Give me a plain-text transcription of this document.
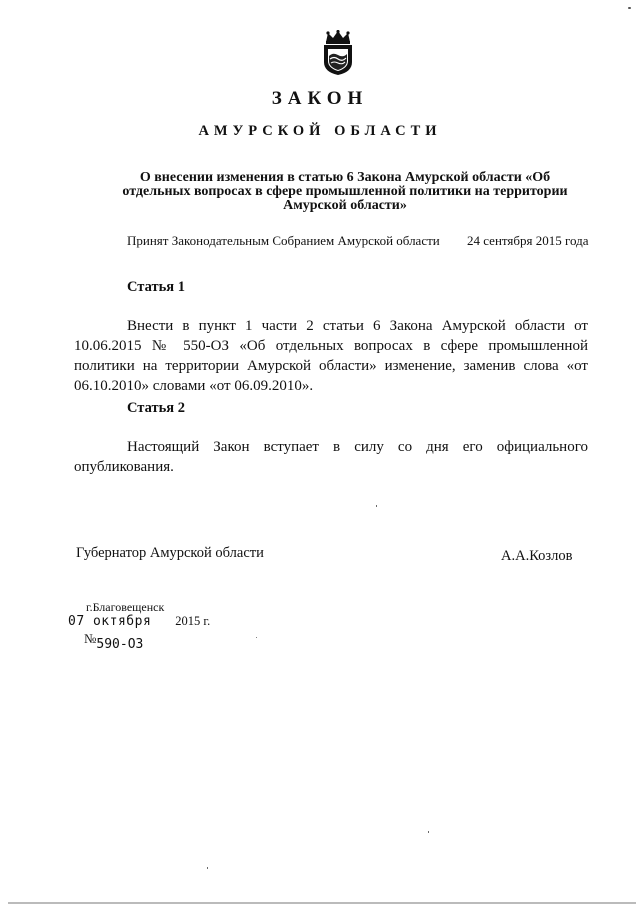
ЗАКОН
АМУРСКОЙ ОБЛАСТИ
О внесении изменения в статью 6 Закона Амурской области «Об
отдельных вопросах в сфере промышленной политики на территории
Амурской области»
Принят Законодательным Собранием Амурской области 24 сентября 2015 года
Статья 1
Внести в пункт 1 части 2 статьи 6 Закона Амурской области от 10.06.2015 № 550-ОЗ «Об отдельных вопросах в сфере промышленной политики на территории Амурской области» изменение, заменив слова «от 06.10.2010» словами «от 06.09.2010».
Статья 2
Настоящий Закон вступает в силу со дня его официального опубликования.
Губернатор Амурской области	А.А.Козлов
г.Благовещенск
07 октября 2015 г.
№590-ОЗ
